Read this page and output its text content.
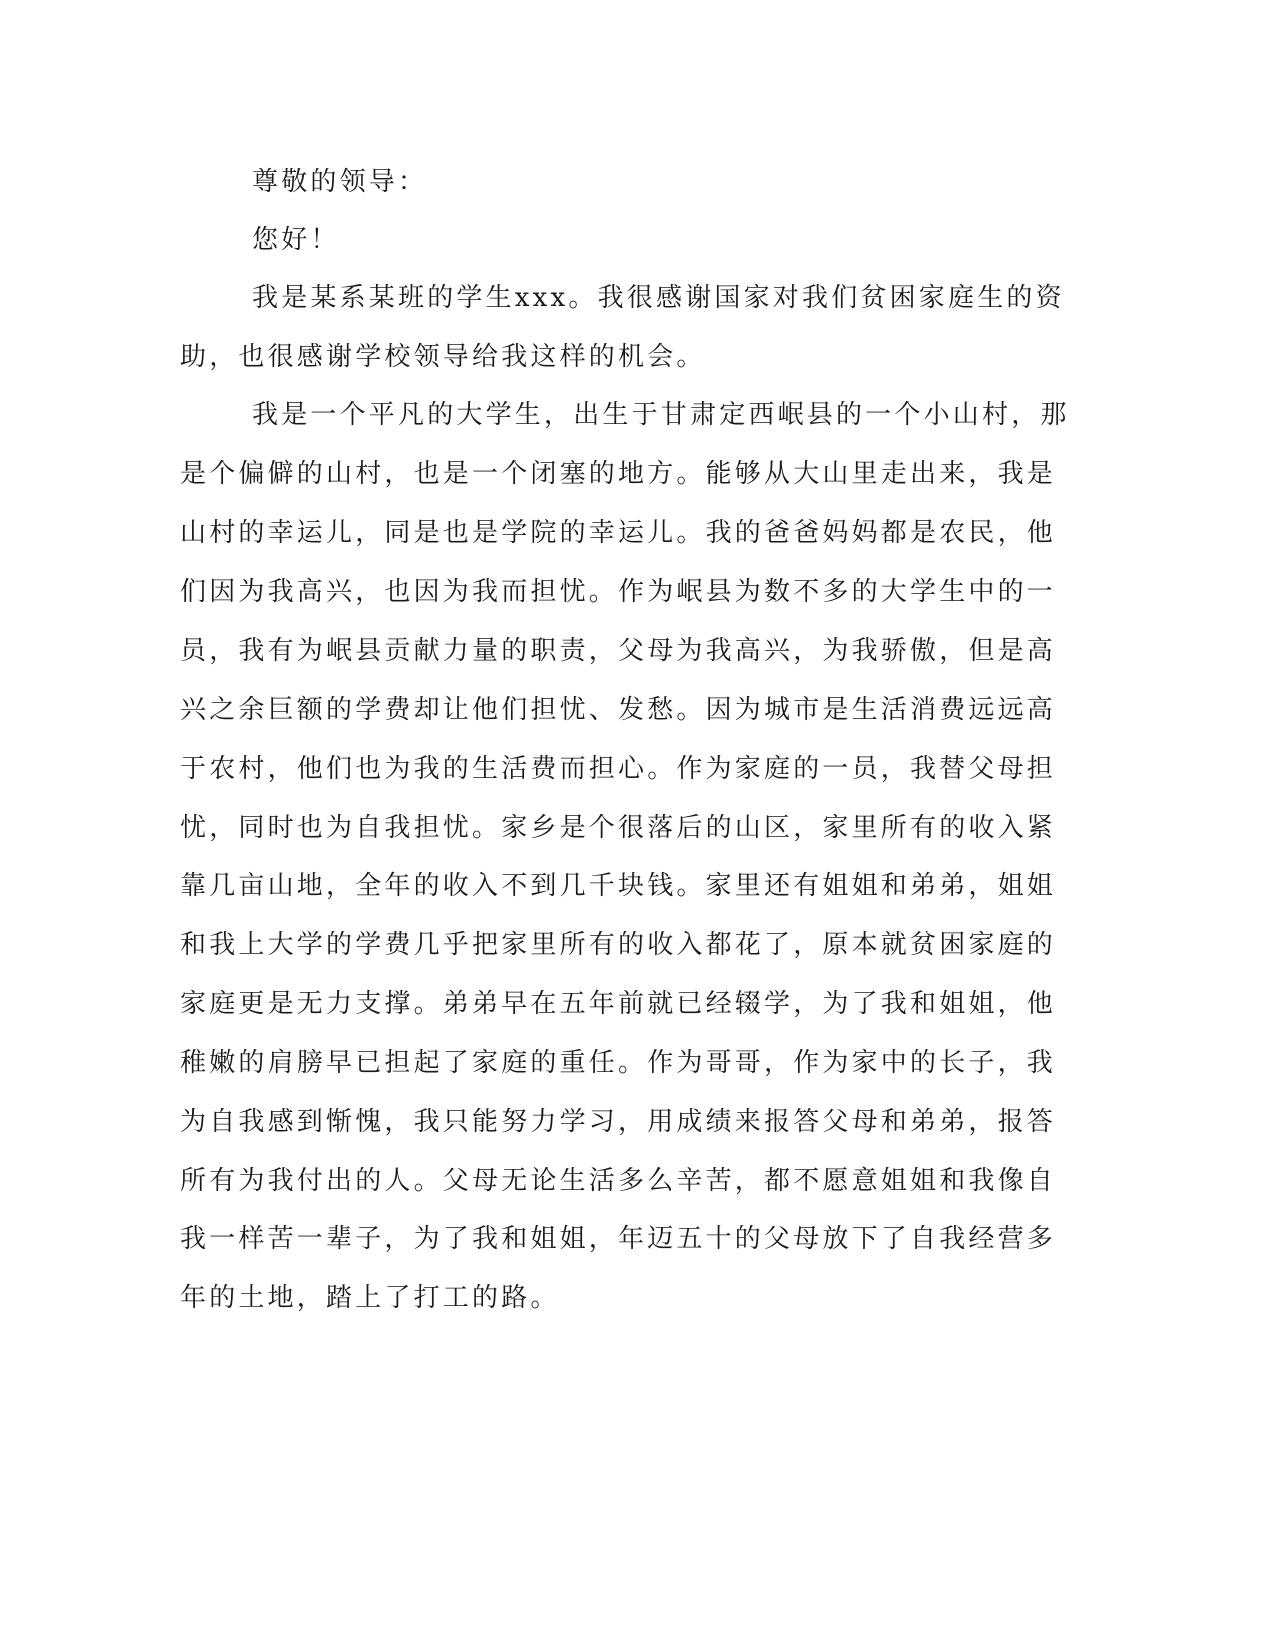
尊敬的领导：

您好！

我是某系某班的学生xxx。我很感谢国家对我们贫困家庭生的资

助，也很感谢学校领导给我这样的机会。

我是一个平凡的大学生，出生于甘肃定西岷县的一个小山村，那

是个偏僻的山村，也是一个闭塞的地方。能够从大山里走出来，我是

山村的幸运儿，同是也是学院的幸运儿。我的爸爸妈妈都是农民，他

们因为我高兴，也因为我而担忧。作为岷县为数不多的大学生中的一

员，我有为岷县贡献力量的职责，父母为我高兴，为我骄傲，但是高

兴之余巨额的学费却让他们担忧、发愁。因为城市是生活消费远远高

于农村，他们也为我的生活费而担心。作为家庭的一员，我替父母担

忧，同时也为自我担忧。家乡是个很落后的山区，家里所有的收入紧

靠几亩山地，全年的收入不到几千块钱。家里还有姐姐和弟弟，姐姐

和我上大学的学费几乎把家里所有的收入都花了，原本就贫困家庭的

家庭更是无力支撑。弟弟早在五年前就已经辍学，为了我和姐姐，他

稚嫩的肩膀早已担起了家庭的重任。作为哥哥，作为家中的长子，我

为自我感到惭愧，我只能努力学习，用成绩来报答父母和弟弟，报答

所有为我付出的人。父母无论生活多么辛苦，都不愿意姐姐和我像自

我一样苦一辈子，为了我和姐姐，年迈五十的父母放下了自我经营多

年的土地，踏上了打工的路。
